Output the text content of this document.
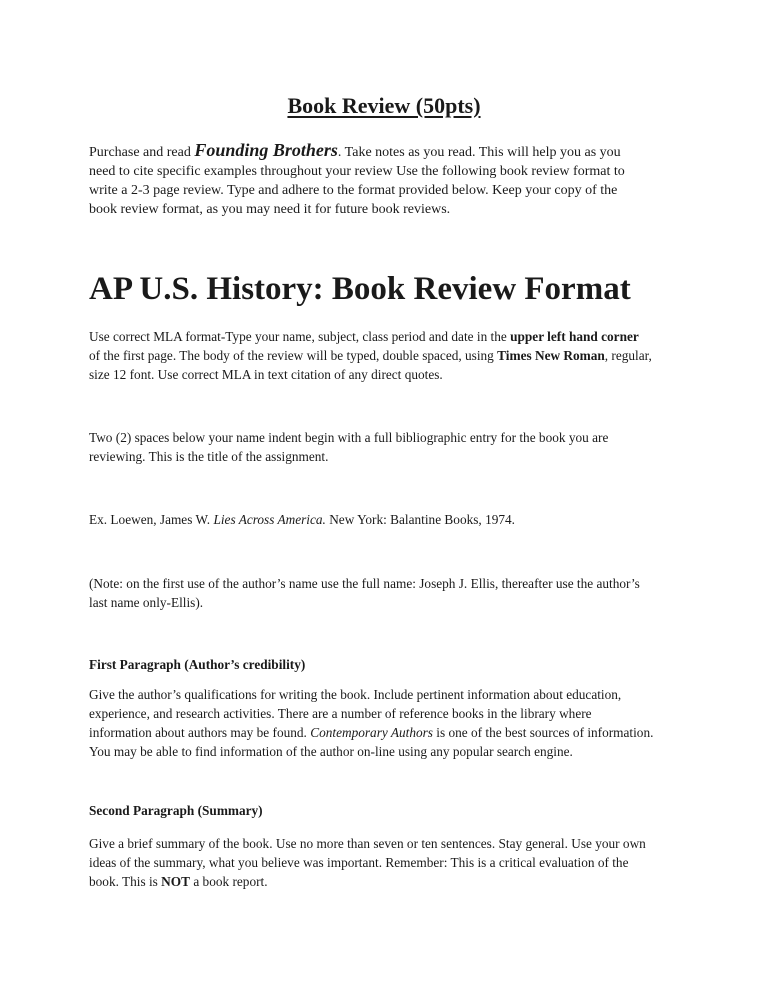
Book Review (50pts)

Purchase and read Founding Brothers. Take notes as you read. This will help you as you
need to cite specific examples throughout your review Use the following book review format to
write a 2-3 page review. Type and adhere to the format provided below. Keep your copy of the
book review format, as you may need it for future book reviews.

AP U.S. History: Book Review Format

Use correct MLA format-Type your name, subject, class period and date in the upper left hand corner
of the first page. The body of the review will be typed, double spaced, using Times New Roman, regular,
size 12 font. Use correct MLA in text citation of any direct quotes.

Two (2) spaces below your name indent begin with a full bibliographic entry for the book you are
reviewing. This is the title of the assignment.

Ex. Loewen, James W. Lies Across America. New York: Balantine Books, 1974.

(Note: on the first use of the author’s name use the full name: Joseph J. Ellis, thereafter use the author’s
last name only-Ellis).

First Paragraph (Author’s credibility)

Give the author’s qualifications for writing the book. Include pertinent information about education,
experience, and research activities. There are a number of reference books in the library where
information about authors may be found. Contemporary Authors is one of the best sources of information.
You may be able to find information of the author on-line using any popular search engine.

Second Paragraph (Summary)

Give a brief summary of the book. Use no more than seven or ten sentences. Stay general. Use your own
ideas of the summary, what you believe was important. Remember: This is a critical evaluation of the
book. This is NOT a book report.
